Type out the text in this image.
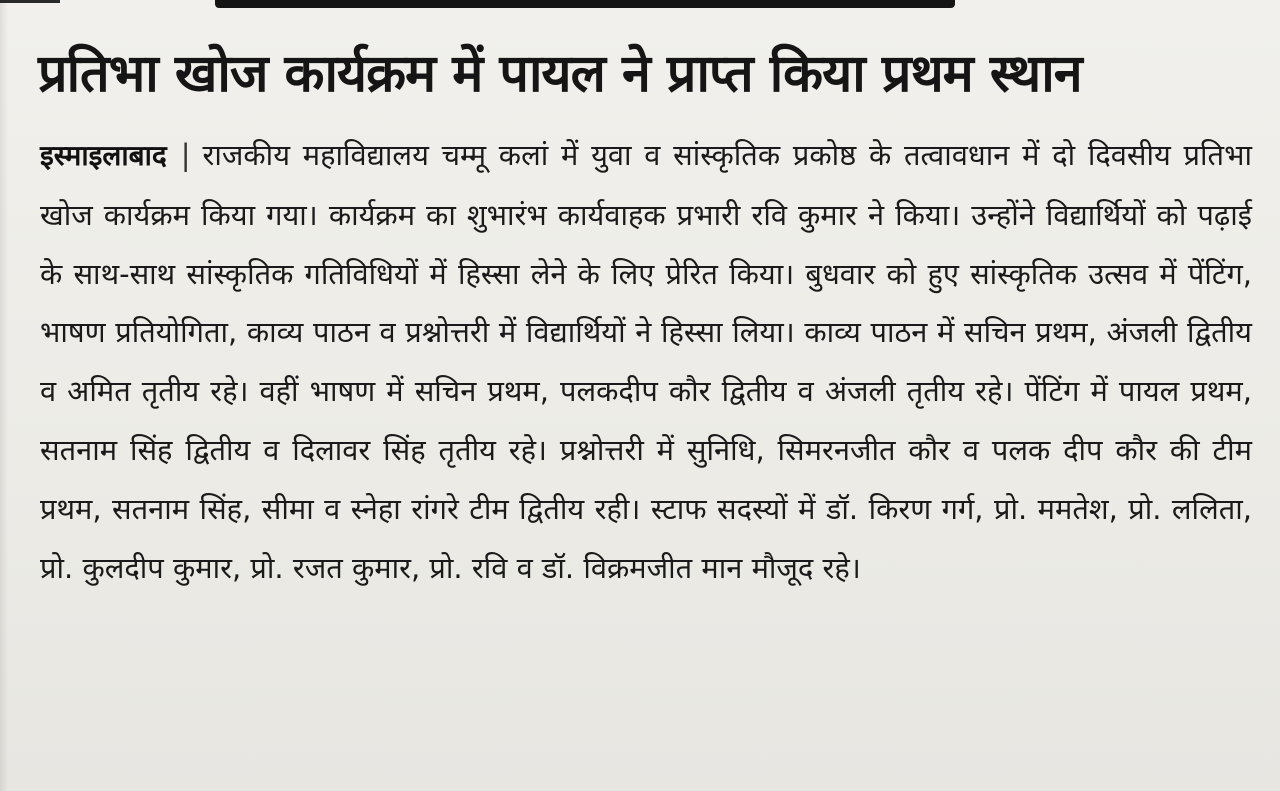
प्रतिभा खोज कार्यक्रम में पायल ने प्राप्त किया प्रथम स्थान

इस्माइलाबाद | राजकीय महाविद्यालय चम्मू कलां में युवा व सांस्कृतिक प्रकोष्ठ के तत्वावधान में दो दिवसीय प्रतिभा खोज कार्यक्रम किया गया। कार्यक्रम का शुभारंभ कार्यवाहक प्रभारी रवि कुमार ने किया। उन्होंने विद्यार्थियों को पढ़ाई के साथ-साथ सांस्कृतिक गतिविधियों में हिस्सा लेने के लिए प्रेरित किया। बुधवार को हुए सांस्कृतिक उत्सव में पेंटिंग, भाषण प्रतियोगिता, काव्य पाठन व प्रश्नोत्तरी में विद्यार्थियों ने हिस्सा लिया। काव्य पाठन में सचिन प्रथम, अंजली द्वितीय व अमित तृतीय रहे। वहीं भाषण में सचिन प्रथम, पलकदीप कौर द्वितीय व अंजली तृतीय रहे। पेंटिंग में पायल प्रथम, सतनाम सिंह द्वितीय व दिलावर सिंह तृतीय रहे। प्रश्नोत्तरी में सुनिधि, सिमरनजीत कौर व पलक दीप कौर की टीम प्रथम, सतनाम सिंह, सीमा व स्नेहा रांगरे टीम द्वितीय रही। स्टाफ सदस्यों में डॉ. किरण गर्ग, प्रो. ममतेश, प्रो. ललिता, प्रो. कुलदीप कुमार, प्रो. रजत कुमार, प्रो. रवि व डॉ. विक्रमजीत मान मौजूद रहे।
